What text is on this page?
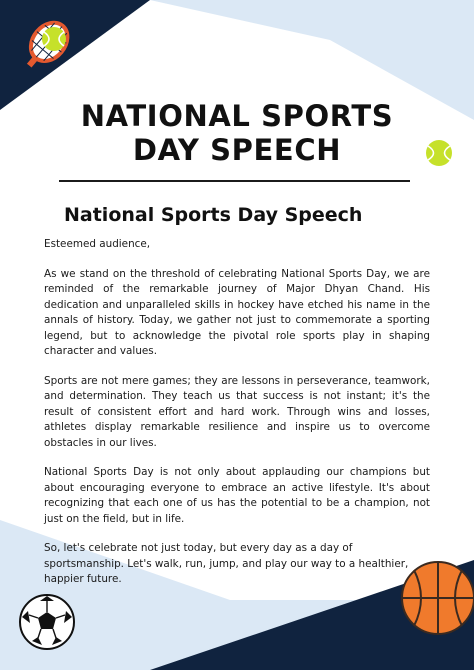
NATIONAL SPORTS
DAY SPEECH
National Sports Day Speech

Esteemed audience,

As we stand on the threshold of celebrating National Sports Day, we are reminded of the remarkable journey of Major Dhyan Chand. His dedication and unparalleled skills in hockey have etched his name in the annals of history. Today, we gather not just to commemorate a sporting legend, but to acknowledge the pivotal role sports play in shaping character and values.

Sports are not mere games; they are lessons in perseverance, teamwork, and determination. They teach us that success is not instant; it's the result of consistent effort and hard work. Through wins and losses, athletes display remarkable resilience and inspire us to overcome obstacles in our lives.

National Sports Day is not only about applauding our champions but about encouraging everyone to embrace an active lifestyle. It's about recognizing that each one of us has the potential to be a champion, not just on the field, but in life.

So, let's celebrate not just today, but every day as a day of sportsmanship. Let's walk, run, jump, and play our way to a healthier, happier future.
